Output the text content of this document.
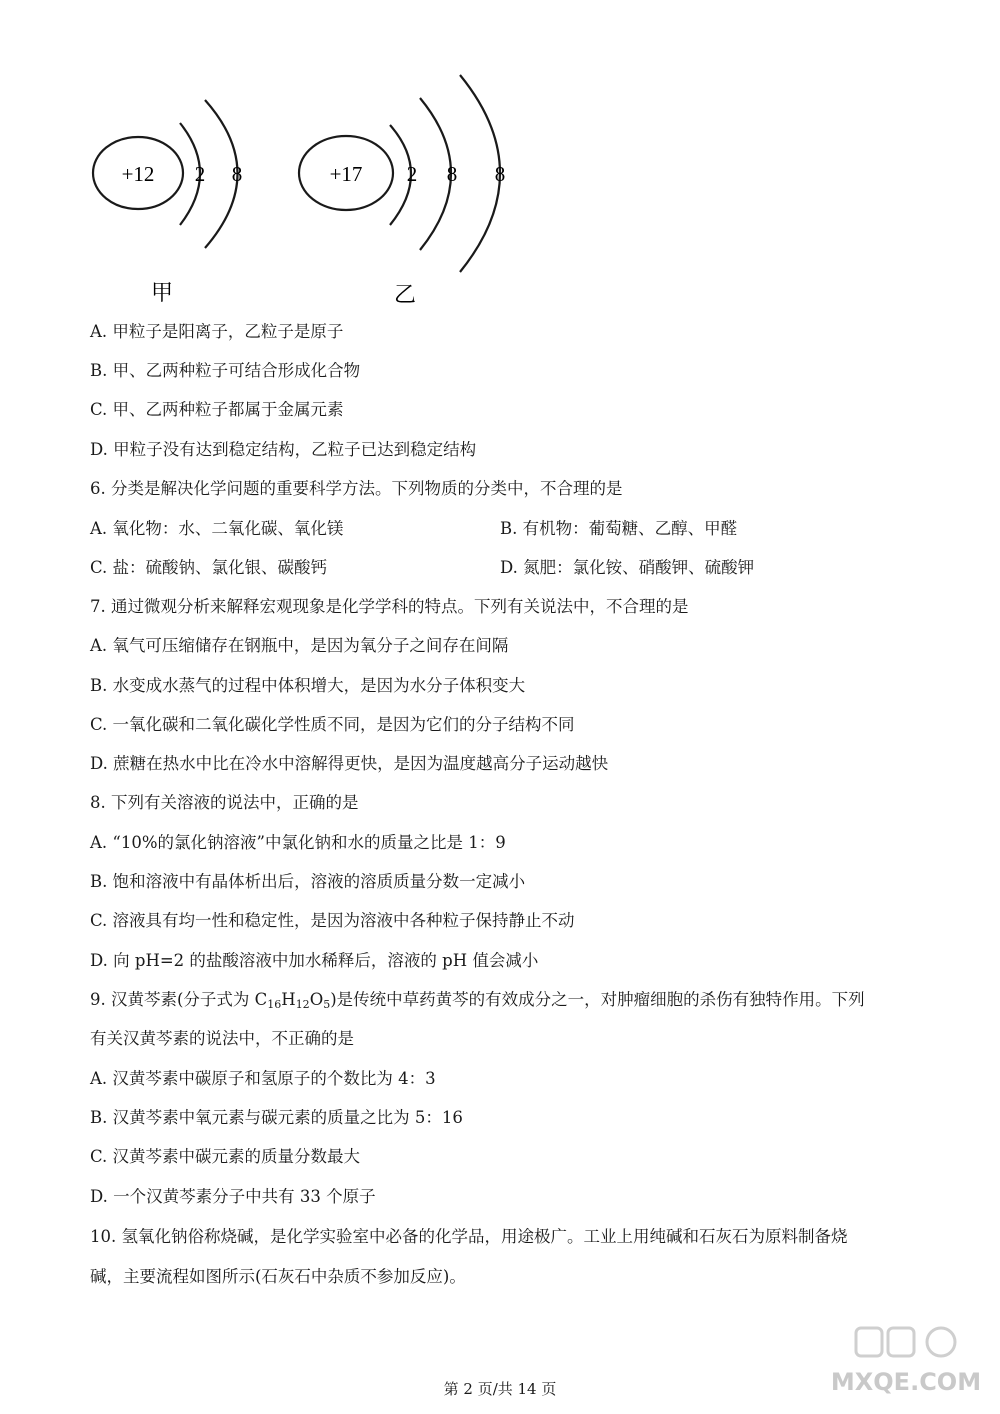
+12 2 8	+17 2 8 8
甲	乙
A. 甲粒子是阳离子，乙粒子是原子
B. 甲、乙两种粒子可结合形成化合物
C. 甲、乙两种粒子都属于金属元素
D. 甲粒子没有达到稳定结构，乙粒子已达到稳定结构
6. 分类是解决化学问题的重要科学方法。下列物质的分类中，不合理的是
A. 氧化物：水、二氧化碳、氧化镁	B. 有机物：葡萄糖、乙醇、甲醛
C. 盐：硫酸钠、氯化银、碳酸钙	D. 氮肥：氯化铵、硝酸钾、硫酸钾
7. 通过微观分析来解释宏观现象是化学学科的特点。下列有关说法中，不合理的是
A. 氧气可压缩储存在钢瓶中，是因为氧分子之间存在间隔
B. 水变成水蒸气的过程中体积增大，是因为水分子体积变大
C. 一氧化碳和二氧化碳化学性质不同，是因为它们的分子结构不同
D. 蔗糖在热水中比在冷水中溶解得更快，是因为温度越高分子运动越快
8. 下列有关溶液的说法中，正确的是
A. “10%的氯化钠溶液”中氯化钠和水的质量之比是 1：9
B. 饱和溶液中有晶体析出后，溶液的溶质质量分数一定减小
C. 溶液具有均一性和稳定性，是因为溶液中各种粒子保持静止不动
D. 向 pH=2 的盐酸溶液中加水稀释后，溶液的 pH 值会减小
9. 汉黄芩素(分子式为 $C_{16}H_{12}O_5$)是传统中草药黄芩的有效成分之一，对肿瘤细胞的杀伤有独特作用。下列
有关汉黄芩素的说法中，不正确的是
A. 汉黄芩素中碳原子和氢原子的个数比为 4：3
B. 汉黄芩素中氧元素与碳元素的质量之比为 5：16
C. 汉黄芩素中碳元素的质量分数最大
D. 一个汉黄芩素分子中共有 33 个原子
10. 氢氧化钠俗称烧碱，是化学实验室中必备的化学品，用途极广。工业上用纯碱和石灰石为原料制备烧
碱，主要流程如图所示(石灰石中杂质不参加反应)。
第 2 页/共 14 页	MXQE.COM
